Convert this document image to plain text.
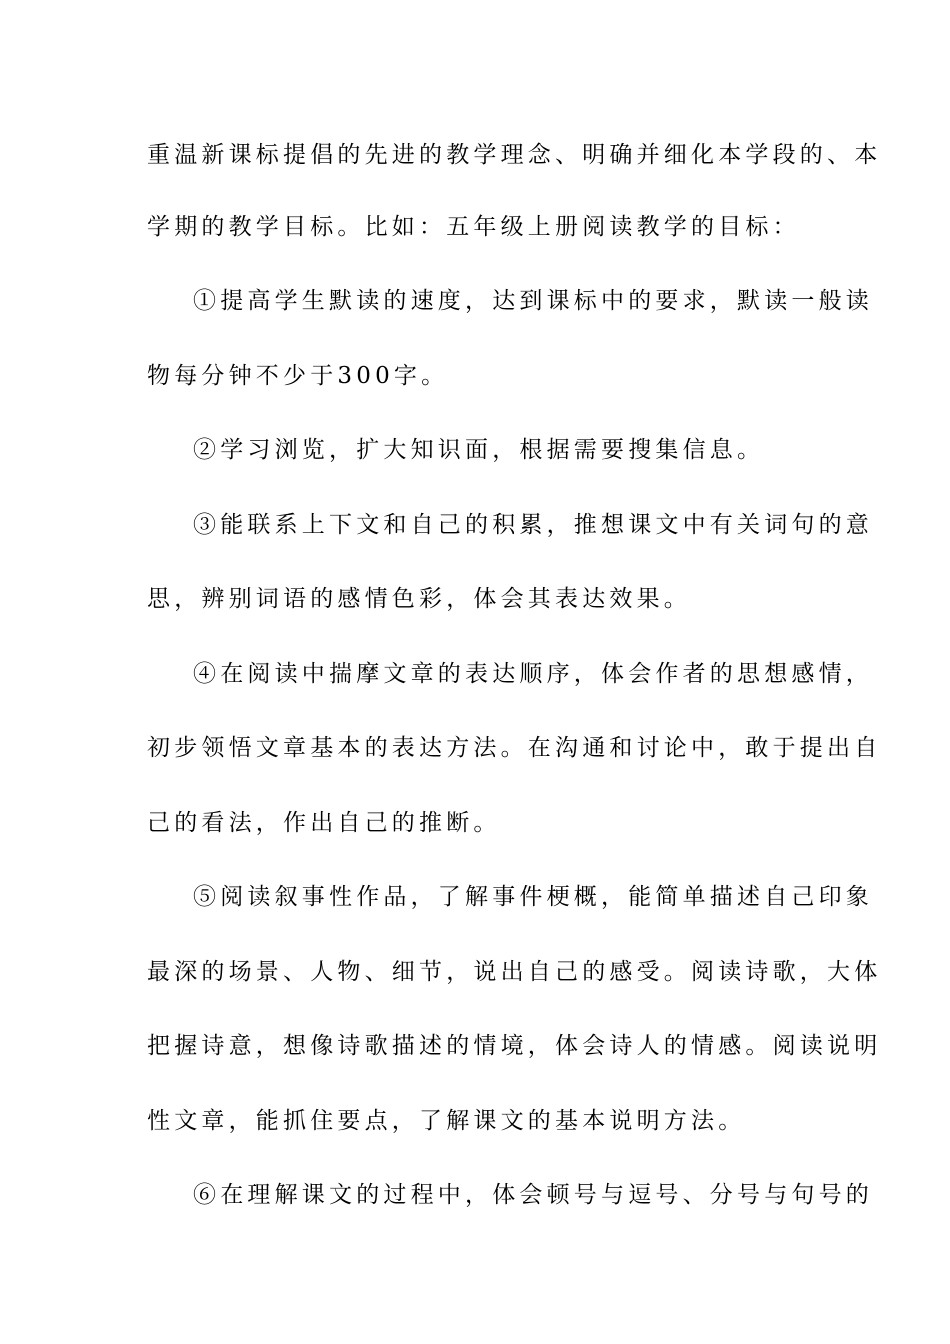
重温新课标提倡的先进的教学理念、明确并细化本学段的、本
学期的教学目标。比如：五年级上册阅读教学的目标：
①提高学生默读的速度，达到课标中的要求，默读一般读
物每分钟不少于300字。
②学习浏览，扩大知识面，根据需要搜集信息。
③能联系上下文和自己的积累，推想课文中有关词句的意
思，辨别词语的感情色彩，体会其表达效果。
④在阅读中揣摩文章的表达顺序，体会作者的思想感情，
初步领悟文章基本的表达方法。在沟通和讨论中，敢于提出自
己的看法，作出自己的推断。
⑤阅读叙事性作品，了解事件梗概，能简单描述自己印象
最深的场景、人物、细节，说出自己的感受。阅读诗歌，大体
把握诗意，想像诗歌描述的情境，体会诗人的情感。阅读说明
性文章，能抓住要点，了解课文的基本说明方法。
⑥在理解课文的过程中，体会顿号与逗号、分号与句号的
